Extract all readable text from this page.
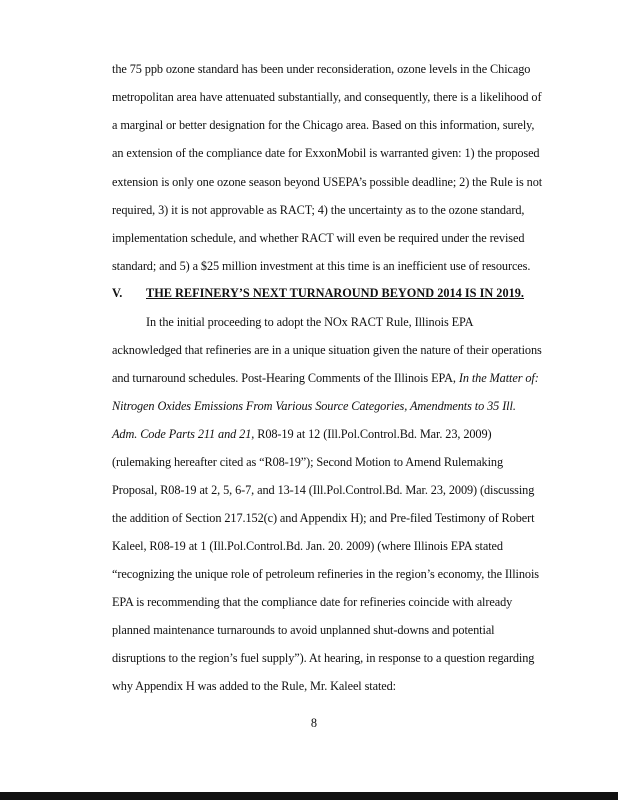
the 75 ppb ozone standard has been under reconsideration, ozone levels in the Chicago
metropolitan area have attenuated substantially, and consequently, there is a likelihood of
a marginal or better designation for the Chicago area. Based on this information, surely,
an extension of the compliance date for ExxonMobil is warranted given: 1) the proposed
extension is only one ozone season beyond USEPA’s possible deadline; 2) the Rule is not
required, 3) it is not approvable as RACT; 4) the uncertainty as to the ozone standard,
implementation schedule, and whether RACT will even be required under the revised
standard; and 5) a $25 million investment at this time is an inefficient use of resources.
V. THE REFINERY’S NEXT TURNAROUND BEYOND 2014 IS IN 2019.
In the initial proceeding to adopt the NOx RACT Rule, Illinois EPA
acknowledged that refineries are in a unique situation given the nature of their operations
and turnaround schedules. Post-Hearing Comments of the Illinois EPA, In the Matter of:
Nitrogen Oxides Emissions From Various Source Categories, Amendments to 35 Ill.
Adm. Code Parts 211 and 21, R08-19 at 12 (Ill.Pol.Control.Bd. Mar. 23, 2009)
(rulemaking hereafter cited as “R08-19”); Second Motion to Amend Rulemaking
Proposal, R08-19 at 2, 5, 6-7, and 13-14 (Ill.Pol.Control.Bd. Mar. 23, 2009) (discussing
the addition of Section 217.152(c) and Appendix H); and Pre-filed Testimony of Robert
Kaleel, R08-19 at 1 (Ill.Pol.Control.Bd. Jan. 20. 2009) (where Illinois EPA stated
“recognizing the unique role of petroleum refineries in the region’s economy, the Illinois
EPA is recommending that the compliance date for refineries coincide with already
planned maintenance turnarounds to avoid unplanned shut-downs and potential
disruptions to the region’s fuel supply”). At hearing, in response to a question regarding
why Appendix H was added to the Rule, Mr. Kaleel stated:
8
